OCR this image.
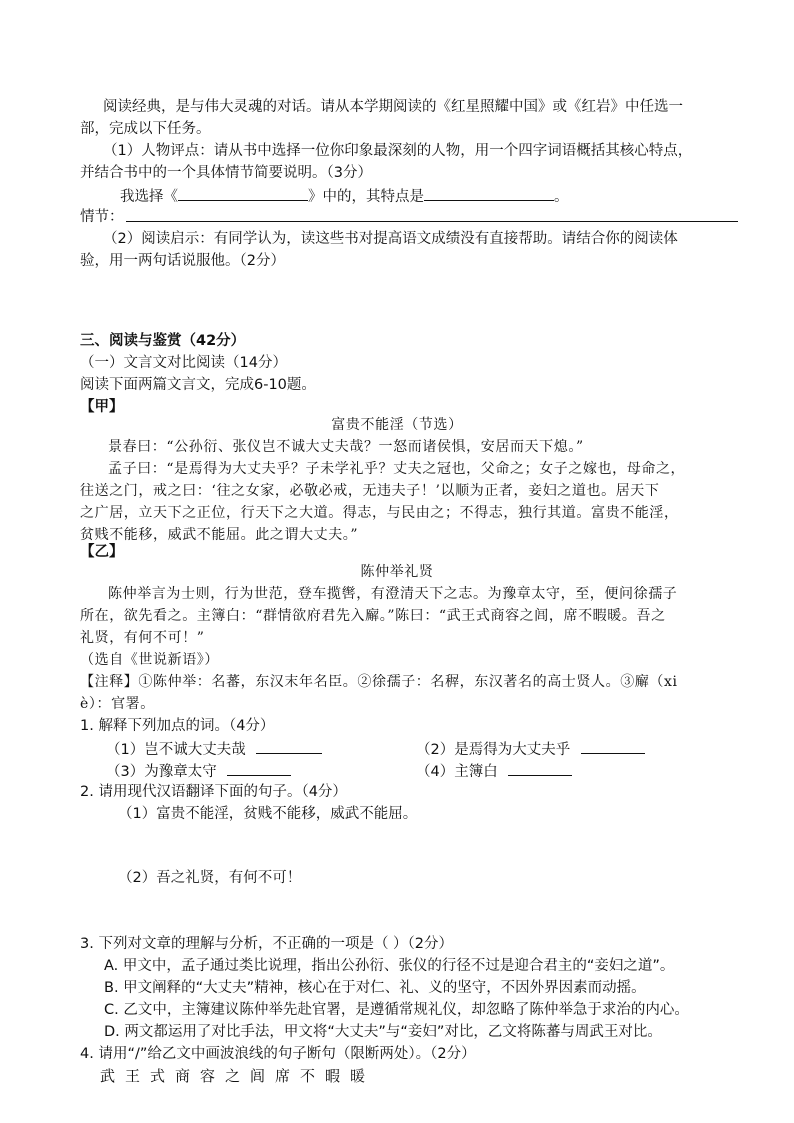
阅读经典，是与伟大灵魂的对话。请从本学期阅读的《红星照耀中国》或《红岩》中任选一
部，完成以下任务。
（1）人物评点：请从书中选择一位你印象最深刻的人物，用一个四字词语概括其核心特点，
并结合书中的一个具体情节简要说明。（3分）
我选择《	》中的，其特点是	。
情节：
（2）阅读启示：有同学认为，读这些书对提高语文成绩没有直接帮助。请结合你的阅读体
验，用一两句话说服他。（2分）
三、阅读与鉴赏（42分）
（一）文言文对比阅读（14分）
阅读下面两篇文言文，完成6-10题。
【甲】
富贵不能淫（节选）
景春曰：“公孙衍、张仪岂不诚大丈夫哉？一怒而诸侯惧，安居而天下熄。”
孟子曰：“是焉得为大丈夫乎？子未学礼乎？丈夫之冠也，父命之；女子之嫁也，母命之，
往送之门，戒之曰：‘往之女家，必敬必戒，无违夫子！’以顺为正者，妾妇之道也。居天下
之广居，立天下之正位，行天下之大道。得志，与民由之；不得志，独行其道。富贵不能淫，
贫贱不能移，威武不能屈。此之谓大丈夫。”
【乙】
陈仲举礼贤
陈仲举言为士则，行为世范，登车揽辔，有澄清天下之志。为豫章太守，至，便问徐孺子
所在，欲先看之。主簿白：“群情欲府君先入廨。”陈曰：“武王式商容之闾，席不暇暖。吾之
礼贤，有何不可！”
（选自《世说新语》）
【注释】①陈仲举：名蕃，东汉末年名臣。②徐孺子：名稺，东汉著名的高士贤人。③廨（xi
è）：官署。
1. 解释下列加点的词。（4分）
（1）岂不诚大丈夫哉	（2）是焉得为大丈夫乎
（3）为豫章太守	（4）主簿白
2. 请用现代汉语翻译下面的句子。（4分）
（1）富贵不能淫，贫贱不能移，威武不能屈。
（2）吾之礼贤，有何不可！
3. 下列对文章的理解与分析，不正确的一项是（ ）（2分）
A. 甲文中，孟子通过类比说理，指出公孙衍、张仪的行径不过是迎合君主的“妾妇之道”。
B. 甲文阐释的“大丈夫”精神，核心在于对仁、礼、义的坚守，不因外界因素而动摇。
C. 乙文中，主簿建议陈仲举先赴官署，是遵循常规礼仪，却忽略了陈仲举急于求治的内心。
D. 两文都运用了对比手法，甲文将“大丈夫”与“妾妇”对比，乙文将陈蕃与周武王对比。
4. 请用“/”给乙文中画波浪线的句子断句（限断两处）。（2分）
武王式商容之闾席不暇暖
